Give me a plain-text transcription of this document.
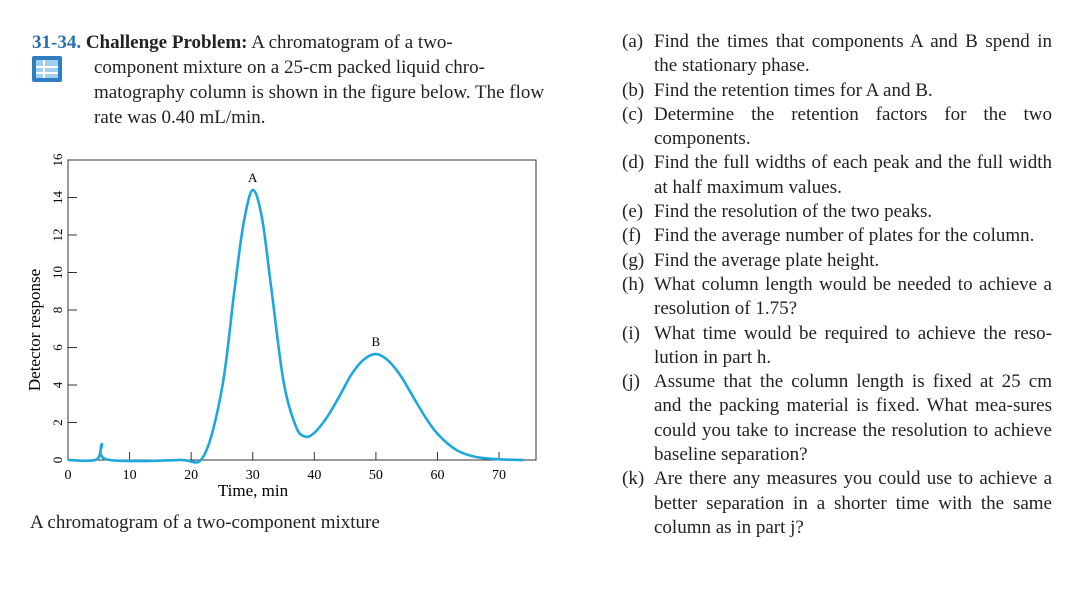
31-34. Challenge Problem: A chromatogram of a two-
component mixture on a 25-cm packed liquid chro-matography column is shown in the figure below. The flow rate was 0.40 mL/min.
0
2
4
6
8
10
12
14
16
0	10	20	30	40	50	60	70
A
B
Time, min
Detector response
A chromatogram of a two-component mixture
(a) Find the times that components A and B spend in the stationary phase.
(b) Find the retention times for A and B.
(c) Determine the retention factors for the two components.
(d) Find the full widths of each peak and the full width at half maximum values.
(e) Find the resolution of the two peaks.
(f) Find the average number of plates for the column.
(g) Find the average plate height.
(h) What column length would be needed to achieve a resolution of 1.75?
(i) What time would be required to achieve the reso-lution in part h.
(j) Assume that the column length is fixed at 25 cm and the packing material is fixed. What mea-sures could you take to increase the resolution to achieve baseline separation?
(k) Are there any measures you could use to achieve a better separation in a shorter time with the same column as in part j?
